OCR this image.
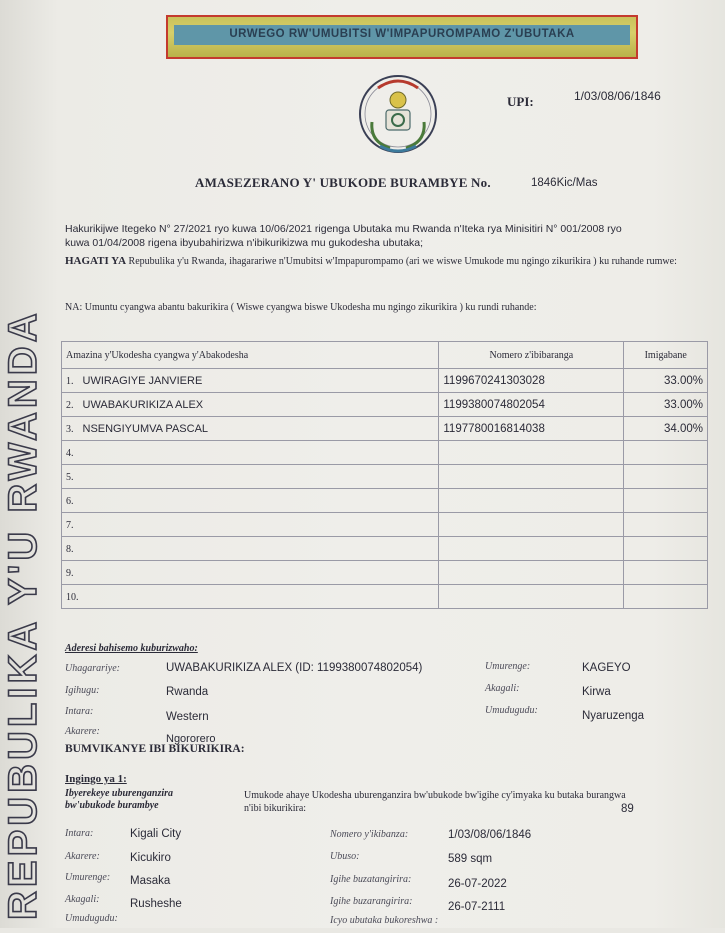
REPUBULIKA Y'U RWANDA
URWEGO RW'UMUBITSI W'IMPAPUROMPAMO Z'UBUTAKA
UPI:	1/03/08/06/1846
AMASEZERANO Y' UBUKODE BURAMBYE No.	1846Kic/Mas
Hakurikijwe Itegeko N° 27/2021 ryo kuwa 10/06/2021 rigenga Ubutaka mu Rwanda n'Iteka rya Minisitiri N° 001/2008 ryo kuwa 01/04/2008 rigena ibyubahirizwa n'ibikurikizwa mu gukodesha ubutaka;
HAGATI YA Repubulika y'u Rwanda, ihagarariwe n'Umubitsi w'Impapurompamo (ari we wiswe Umukode mu ngingo zikurikira ) ku ruhande rumwe:
NA: Umuntu cyangwa abantu bakurikira ( Wiswe cyangwa biswe Ukodesha mu ngingo zikurikira ) ku rundi ruhande:
Amazina y'Ukodesha cyangwa y'Abakodesha	Nomero z'ibibaranga	Imigabane
1. UWIRAGIYE JANVIERE	1199670241303028	33.00%
2. UWABAKURIKIZA ALEX	1199380074802054	33.00%
3. NSENGIYUMVA PASCAL	1197780016814038	34.00%
4.		
5.		
6.		
7.		
8.		
9.		
10.		
Aderesi bahisemo kuburizwaho:
Uhagarariye:	UWABAKURIKIZA ALEX (ID: 1199380074802054)	Umurenge:	KAGEYO
Igihugu:	Rwanda	Akagali:	Kirwa
Intara:	Western
Umudugudu:	Nyaruzenga
Akarere:
Ngororero
BUMVIKANYE IBI BIKURIKIRA:
Ingingo ya 1:
Ibyerekeye uburenganzira bw'ubukode burambye
Umukode ahaye Ukodesha uburenganzira bw'ubukode bw'igihe cy'imyaka ku butaka burangwa n'ibi bikurikira:	89
Intara:	Kigali City
Akarere:	Kicukiro
Umurenge: Masaka
Akagali:	Rusheshe
Umudugudu:
Nomero y'ikibanza:	1/03/08/06/1846
Ubuso:	589 sqm
Igihe buzatangirira:	26-07-2022
Igihe buzarangirira:	26-07-2111
Icyo ubutaka bukoreshwa :
